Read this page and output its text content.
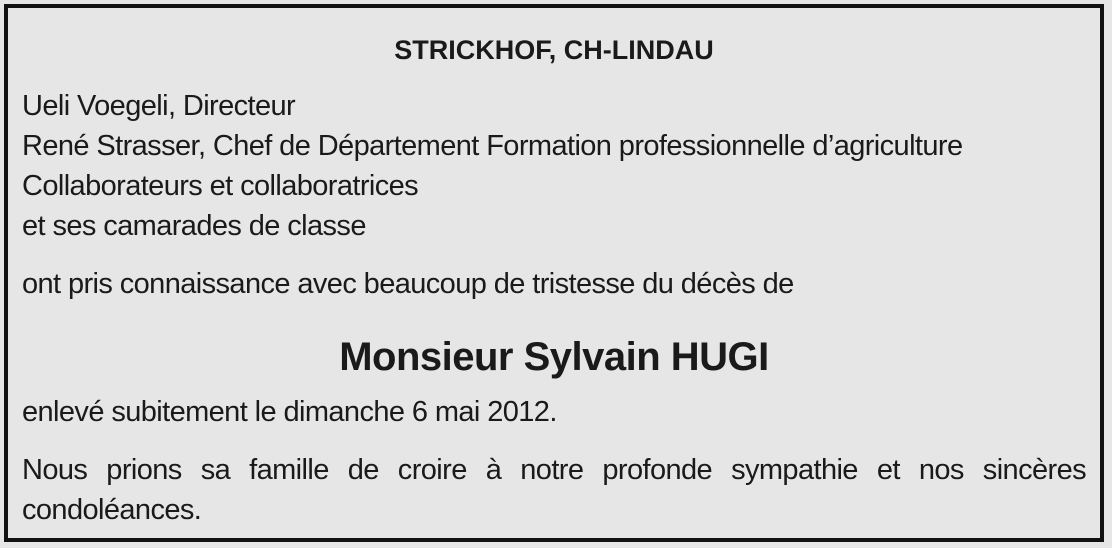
STRICKHOF, CH-LINDAU
Ueli Voegeli, Directeur
René Strasser, Chef de Département Formation professionnelle d’agriculture
Collaborateurs et collaboratrices
et ses camarades de classe
ont pris connaissance avec beaucoup de tristesse du décès de
Monsieur Sylvain HUGI
enlevé subitement le dimanche 6 mai 2012.
Nous prions sa famille de croire à notre profonde sympathie et nos sincères condoléances.
